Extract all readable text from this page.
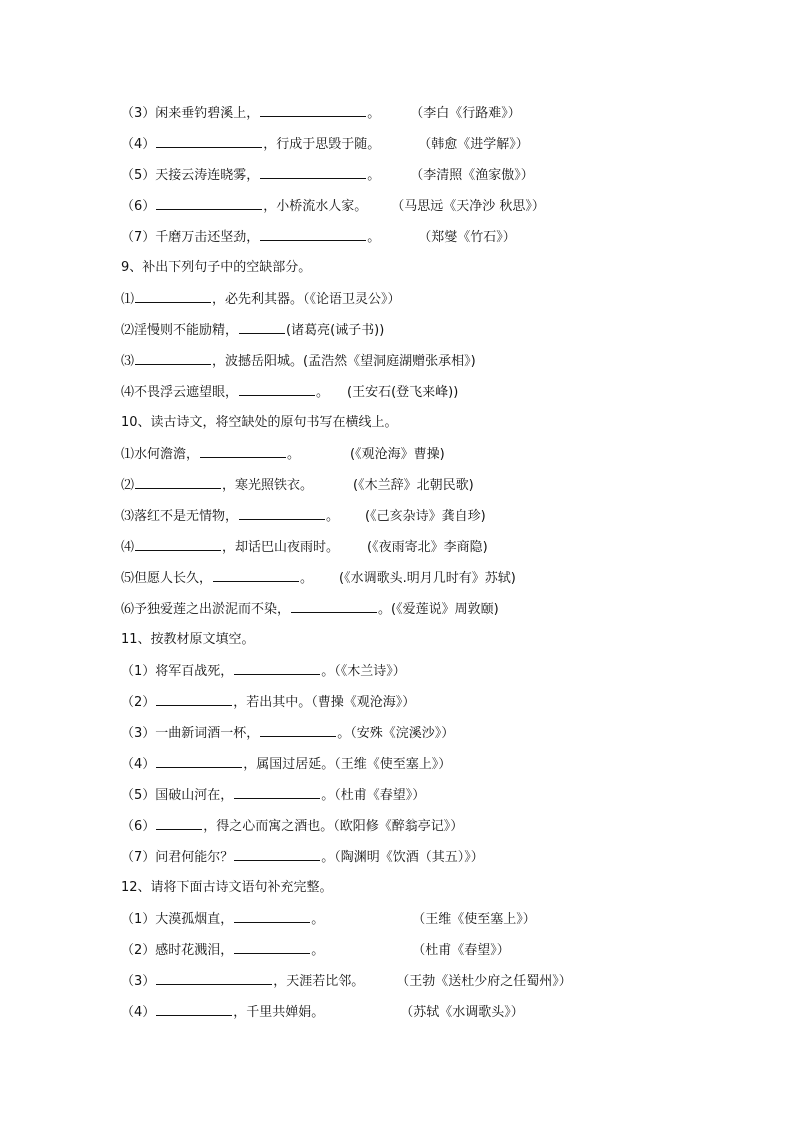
（3）闲来垂钓碧溪上，	。 （李白《行路难》）
（4）	，行成于思毁于随。	（韩愈《进学解》）
（5）天接云涛连晓雾，	。 （李清照《渔家傲》）
（6）	，小桥流水人家。 （马思远《天净沙 秋思》）
（7）千磨万击还坚劲，	。	（郑燮《竹石》）
9、补出下列句子中的空缺部分。
⑴	，必先利其器。（《论语卫灵公》）
⑵淫慢则不能励精，	(诸葛亮(诫子书))
⑶	，波撼岳阳城。(孟浩然《望洞庭湖赠张承相》)
⑷不畏浮云遮望眼，	。 (王安石(登飞来峰))
10、读古诗文，将空缺处的原句书写在横线上。
⑴水何澹澹，	。	(《观沧海》曹操)
⑵	，寒光照铁衣。	(《木兰辞》北朝民歌)
⑶落红不是无情物，	。 (《己亥杂诗》龚自珍)
⑷	，却话巴山夜雨时。 (《夜雨寄北》李商隐)
⑸但愿人长久，	。 (《水调歌头.明月几时有》苏轼)
⑹予独爱莲之出淤泥而不染，	。(《爱莲说》周敦颐)
11、按教材原文填空。
（1）将军百战死，	。（《木兰诗》）
（2）	，若出其中。（曹操《观沧海》）
（3）一曲新词酒一杯，	。（安殊《浣溪沙》）
（4）	，属国过居延。（王维《使至塞上》）
（5）国破山河在，	。（杜甫《春望》）
（6）	，得之心而寓之酒也。（欧阳修《醉翁亭记》）
（7）问君何能尔？	。（陶渊明《饮酒（其五）》）
12、请将下面古诗文语句补充完整。
（1）大漠孤烟直，	。	（王维《使至塞上》）
（2）感时花溅泪，	。	（杜甫《春望》）
（3）	，天涯若比邻。 （王勃《送杜少府之任蜀州》）
（4）	，千里共婵娟。	（苏轼《水调歌头》）
